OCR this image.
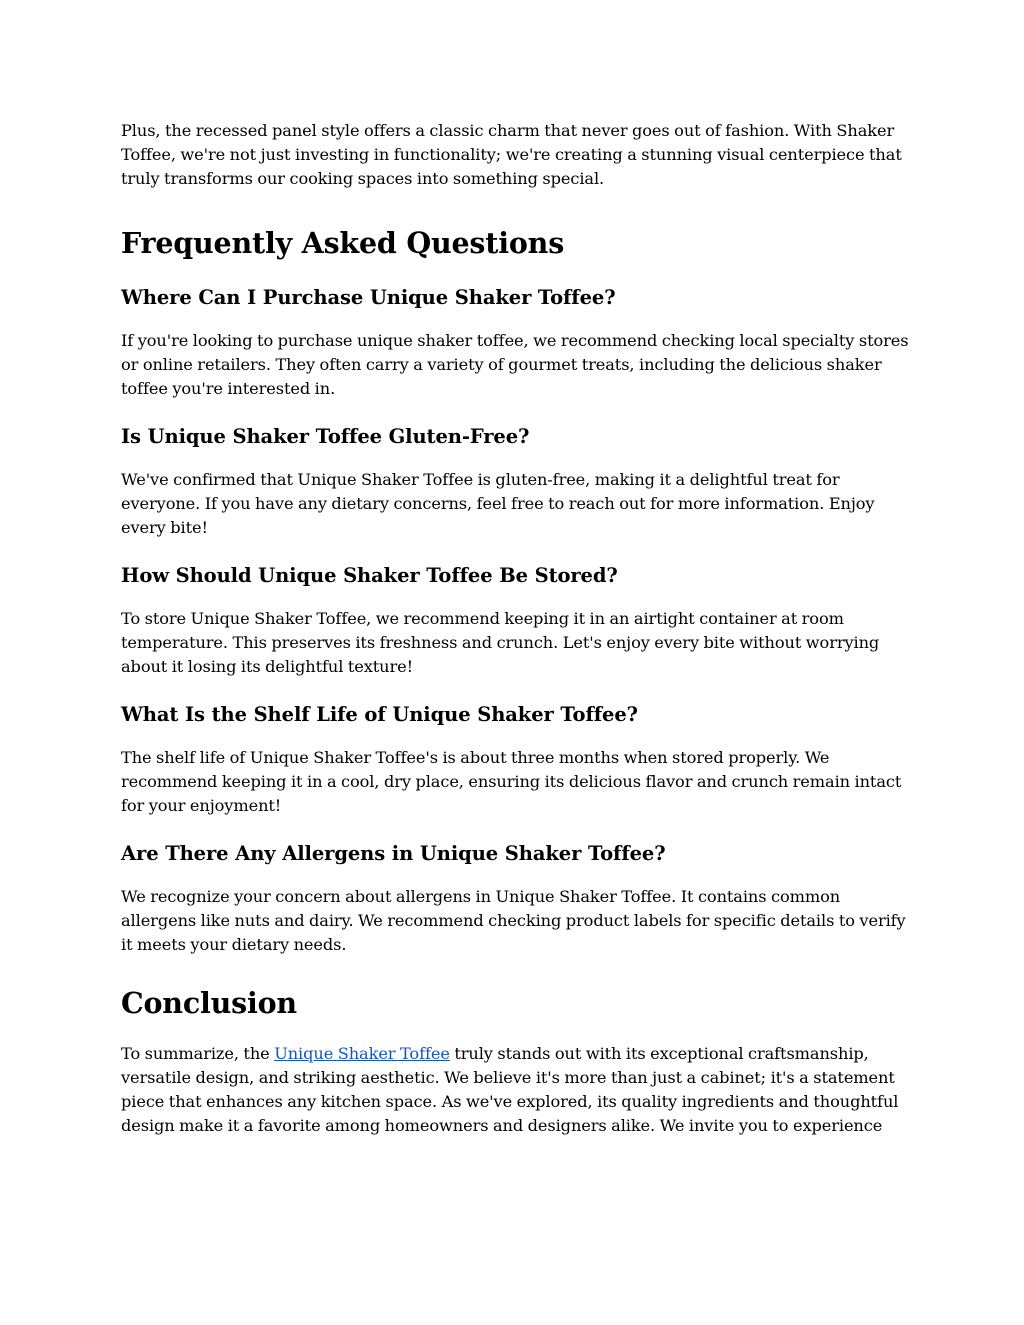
Plus, the recessed panel style offers a classic charm that never goes out of fashion. With Shaker Toffee, we're not just investing in functionality; we're creating a stunning visual centerpiece that truly transforms our cooking spaces into something special.

Frequently Asked Questions
Where Can I Purchase Unique Shaker Toffee?

If you're looking to purchase unique shaker toffee, we recommend checking local specialty stores or online retailers. They often carry a variety of gourmet treats, including the delicious shaker toffee you're interested in.

Is Unique Shaker Toffee Gluten-Free?

We've confirmed that Unique Shaker Toffee is gluten-free, making it a delightful treat for everyone. If you have any dietary concerns, feel free to reach out for more information. Enjoy every bite!

How Should Unique Shaker Toffee Be Stored?

To store Unique Shaker Toffee, we recommend keeping it in an airtight container at room temperature. This preserves its freshness and crunch. Let's enjoy every bite without worrying about it losing its delightful texture!

What Is the Shelf Life of Unique Shaker Toffee?

The shelf life of Unique Shaker Toffee's is about three months when stored properly. We recommend keeping it in a cool, dry place, ensuring its delicious flavor and crunch remain intact for your enjoyment!

Are There Any Allergens in Unique Shaker Toffee?

We recognize your concern about allergens in Unique Shaker Toffee. It contains common allergens like nuts and dairy. We recommend checking product labels for specific details to verify it meets your dietary needs.

Conclusion

To summarize, the Unique Shaker Toffee truly stands out with its exceptional craftsmanship, versatile design, and striking aesthetic. We believe it's more than just a cabinet; it's a statement piece that enhances any kitchen space. As we've explored, its quality ingredients and thoughtful design make it a favorite among homeowners and designers alike. We invite you to experience
